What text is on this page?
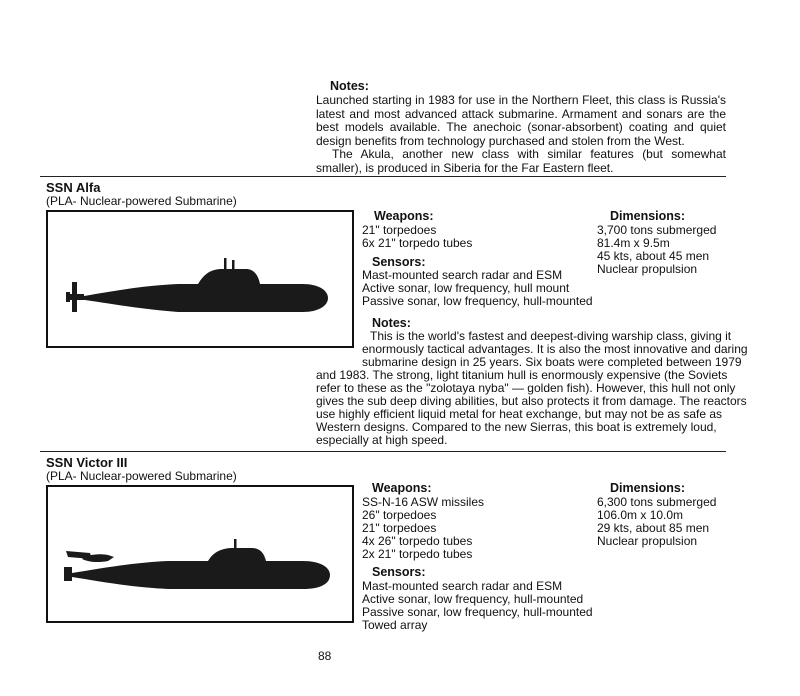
Notes:

Launched starting in 1983 for use in the Northern Fleet, this class is Russia's latest and most advanced attack submarine. Armament and sonars are the best models available. The anechoic (sonar-absorbent) coating and quiet design benefits from technology purchased and stolen from the West.

The Akula, another new class with similar features (but somewhat smaller), is produced in Siberia for the Far Eastern fleet.

SSN Alfa
(PLA- Nuclear-powered Submarine)
Weapons:
21" torpedoes
6x 21" torpedo tubes
Sensors:
Mast-mounted search radar and ESM
Active sonar, low frequency, hull mount
Passive sonar, low frequency, hull-mounted
Dimensions:
3,700 tons submerged
81.4m x 9.5m
45 kts, about 45 men
Nuclear propulsion
Notes:
This is the world's fastest and deepest-diving warship class, giving it
enormously tactical advantages. It is also the most innovative and daring
submarine design in 25 years. Six boats were completed between 1979
and 1983. The strong, light titanium hull is enormously expensive (the Soviets
refer to these as the "zolotaya nyba" — golden fish). However, this hull not only
gives the sub deep diving abilities, but also protects it from damage. The reactors
use highly efficient liquid metal for heat exchange, but may not be as safe as
Western designs. Compared to the new Sierras, this boat is extremely loud,
especially at high speed.
SSN Victor III
(PLA- Nuclear-powered Submarine)
Weapons:
SS-N-16 ASW missiles
26" torpedoes
21" torpedoes
4x 26" torpedo tubes
2x 21" torpedo tubes
Sensors:
Mast-mounted search radar and ESM
Active sonar, low frequency, hull-mounted
Passive sonar, low frequency, hull-mounted
Towed array
Dimensions:
6,300 tons submerged
106.0m x 10.0m
29 kts, about 85 men
Nuclear propulsion
88
